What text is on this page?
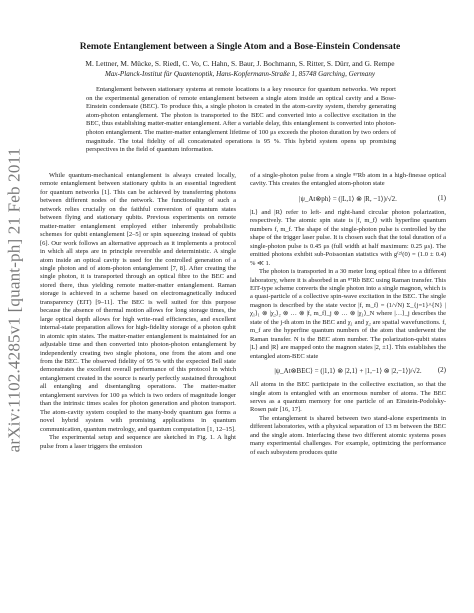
arXiv:1102.4285v1 [quant-ph] 21 Feb 2011
Remote Entanglement between a Single Atom and a Bose-Einstein Condensate
M. Lettner, M. Mücke, S. Riedl, C. Vo, C. Hahn, S. Baur, J. Bochmann, S. Ritter, S. Dürr, and G. Rempe
Max-Planck-Institut für Quantenoptik, Hans-Kopfermann-Straße 1, 85748 Garching, Germany
Entanglement between stationary systems at remote locations is a key resource for quantum networks. We report on the experimental generation of remote entanglement between a single atom inside an optical cavity and a Bose-Einstein condensate (BEC). To produce this, a single photon is created in the atom-cavity system, thereby generating atom-photon entanglement. The photon is transported to the BEC and converted into a collective excitation in the BEC, thus establishing matter-matter entanglement. After a variable delay, this entanglement is converted into photon-photon entanglement. The matter-matter entanglement lifetime of 100 μs exceeds the photon duration by two orders of magnitude. The total fidelity of all concatenated operations is 95 %. This hybrid system opens up promising perspectives in the field of quantum information.

While quantum-mechanical entanglement is always created locally, remote entanglement between stationary qubits is an essential ingredient for quantum networks [1]. This can be achieved by transferring photons between different nodes of the network. The functionality of such a network relies crucially on the faithful conversion of quantum states between flying and stationary qubits. Previous experiments on remote matter-matter entanglement employed either inherently probabilistic schemes for qubit entanglement [2–5] or spin squeezing instead of qubits [6]. Our work follows an alternative approach as it implements a protocol in which all steps are in principle reversible and deterministic. A single atom inside an optical cavity is used for the controlled generation of a single photon and of atom-photon entanglement [7, 8]. After creating the single photon, it is transported through an optical fibre to the BEC and stored there, thus yielding remote matter-matter entanglement. Raman storage is achieved in a scheme based on electromagnetically induced transparency (EIT) [9–11]. The BEC is well suited for this purpose because the absence of thermal motion allows for long storage times, the large optical depth allows for high write-read efficiencies, and excellent internal-state preparation allows for high-fidelity storage of a photon qubit in atomic spin states. The matter-matter entanglement is maintained for an adjustable time and then converted into photon-photon entanglement by independently creating two single photons, one from the atom and one from the BEC. The observed fidelity of 95 % with the expected Bell state demonstrates the excellent overall performance of this protocol in which entanglement created in the source is nearly perfectly sustained throughout all entangling and disentangling operations. The matter-matter entanglement survives for 100 μs which is two orders of magnitude longer than the intrinsic times scales for photon generation and photon transport. The atom-cavity system coupled to the many-body quantum gas forms a novel hybrid system with promising applications in quantum communication, quantum metrology, and quantum computation [1, 12–15].

The experimental setup and sequence are sketched in Fig. 1. A light pulse from a laser triggers the emission

of a single-photon pulse from a single ⁸⁷Rb atom in a high-finesse optical cavity. This creates the entangled atom-photon state

|ψ_At⊗ph⟩ = (|L,1⟩ ⊗ |R, −1⟩)/√2.	(1)

|L⟩ and |R⟩ refer to left- and right-hand circular photon polarization, respectively. The atomic spin state is |f, m_f⟩ with hyperfine quantum numbers f, m_f. The shape of the single-photon pulse is controlled by the shape of the trigger laser pulse. It is chosen such that the total duration of a single-photon pulse is 0.45 μs (full width at half maximum: 0.25 μs). The emitted photons exhibit sub-Poissonian statistics with g⁽²⁾(0) = (1.0 ± 0.4) % ≪ 1.

The photon is transported in a 30 meter long optical fibre to a different laboratory, where it is absorbed in an ⁸⁷Rb BEC using Raman transfer. This EIT-type scheme converts the single photon into a single magnon, which is a quasi-particle of a collective spin-wave excitation in the BEC. The single magnon is described by the state vector |f, m_f⟩ = (1/√N) Σ_{j=1}^{N} |χ₁⟩₁ ⊗ |χ₂⟩₂ ⊗ … ⊗ |f, m_f⟩_j ⊗ … ⊗ |χ₁⟩_N where |…⟩_j describes the state of the j-th atom in the BEC and χ₁ and χ₂ are spatial wavefunctions. f, m_f are the hyperfine quantum numbers of the atom that underwent the Raman transfer. N is the BEC atom number. The polarization-qubit states |L⟩ and |R⟩ are mapped onto the magnon states |2, ±1⟩. This establishes the entangled atom-BEC state

|ψ_At⊗BEC⟩ = (|1,1⟩ ⊗ |2,1⟩ + |1,−1⟩ ⊗ |2,−1⟩)/√2. (2)

All atoms in the BEC participate in the collective excitation, so that the single atom is entangled with an enormous number of atoms. The BEC serves as a quantum memory for one particle of an Einstein-Podolsky-Rosen pair [16, 17].

The entanglement is shared between two stand-alone experiments in different laboratories, with a physical separation of 13 m between the BEC and the single atom. Interfacing these two different atomic systems poses many experimental challenges. For example, optimizing the performance of each subsystem produces quite
